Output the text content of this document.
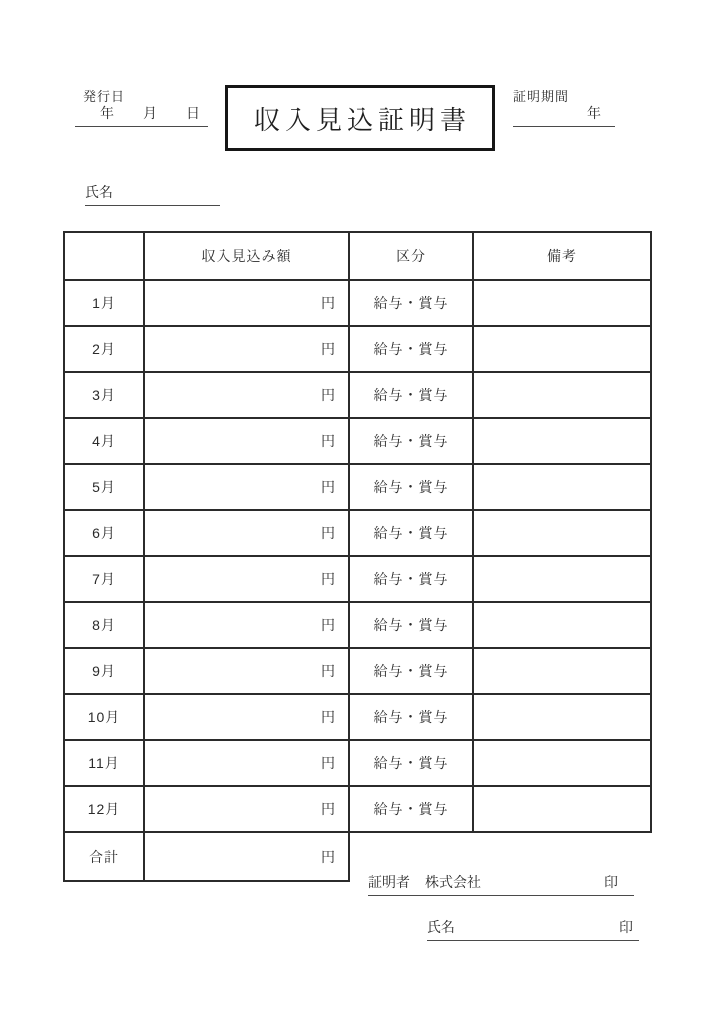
発行日
年 月 日 収入見込証明書
証明期間
年
氏名
	収入見込み額	区分	備考
1月	円	給与・賞与	
2月	円	給与・賞与	
3月	円	給与・賞与	
4月	円	給与・賞与	
5月	円	給与・賞与	
6月	円	給与・賞与	
7月	円	給与・賞与	
8月	円	給与・賞与	
9月	円	給与・賞与	
10月	円	給与・賞与	
11月	円	給与・賞与	
12月	円	給与・賞与	
合計	円		
証明者 株式会社	印
氏名	印
